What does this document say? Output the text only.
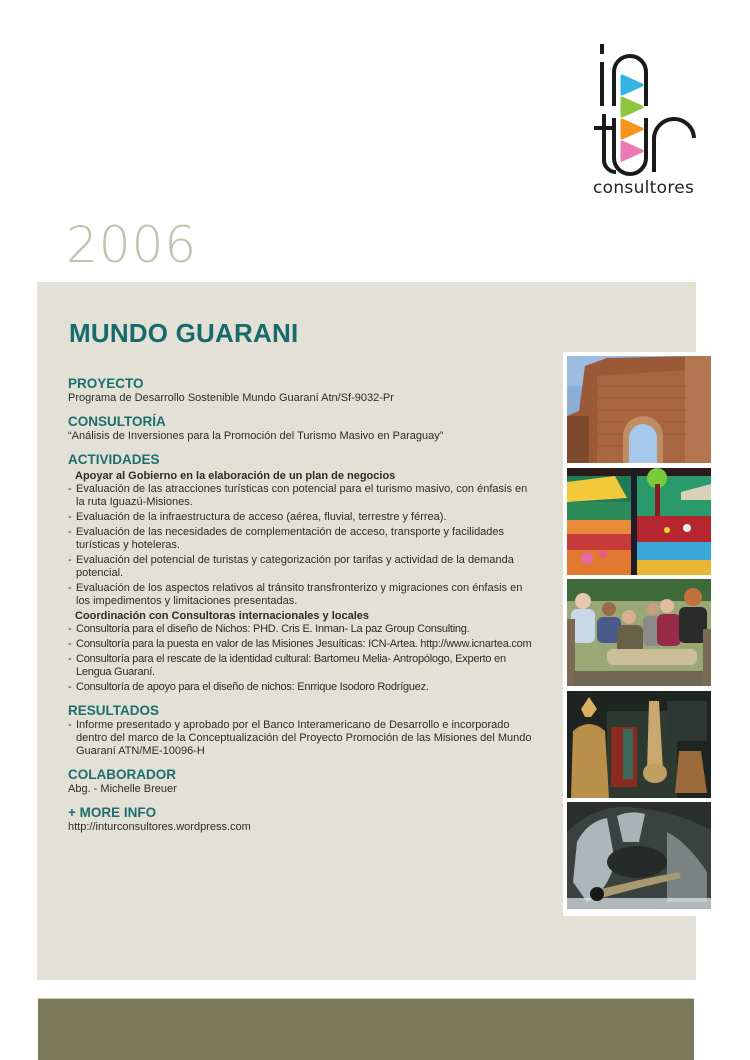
consultores
2006
MUNDO GUARANI
PROYECTO
Programa de Desarrollo Sostenible Mundo Guaraní Atn/Sf-9032-Pr
CONSULTORÍA
“Análisis de Inversiones para la Promoción del Turismo Masivo en Paraguay”
ACTIVIDADES
Apoyar al Gobierno en la elaboración de un plan de negocios
- Evaluación de las atracciones turísticas con potencial para el turismo masivo, con énfasis en la ruta Iguazú-Misiones.
- Evaluación de la infraestructura de acceso (aérea, fluvial, terrestre y férrea).
- Evaluación de las necesidades de complementación de acceso, transporte y facilidades turísticas y hoteleras.
- Evaluación del potencial de turistas y categorización por tarifas y actividad de la demanda potencial.
- Evaluación de los aspectos relativos al tránsito transfronterizo y migraciones con énfasis en los impedimentos y limitaciones presentadas.
Coordinación con Consultoras internacionales y locales
- Consultoría para el diseño de Nichos: PHD. Cris E. Inman- La paz Group Consulting.
- Consultoría para la puesta en valor de las Misiones Jesuíticas: ICN-Artea. http://www.icnartea.com
- Consultoría para el rescate de la identidad cultural: Bartomeu Melia- Antropólogo, Experto en Lengua Guaraní.
- Consultoría de apoyo para el diseño de nichos: Enrrique Isodoro Rodríguez.
RESULTADOS
- Informe presentado y aprobado por el Banco Interamericano de Desarrollo e incorporado dentro del marco de la Conceptualización del Proyecto Promoción de las Misiones del Mundo Guaraní ATN/ME-10096-H
COLABORADOR
Abg. - Michelle Breuer
+ MORE INFO
http://inturconsultores.wordpress.com
